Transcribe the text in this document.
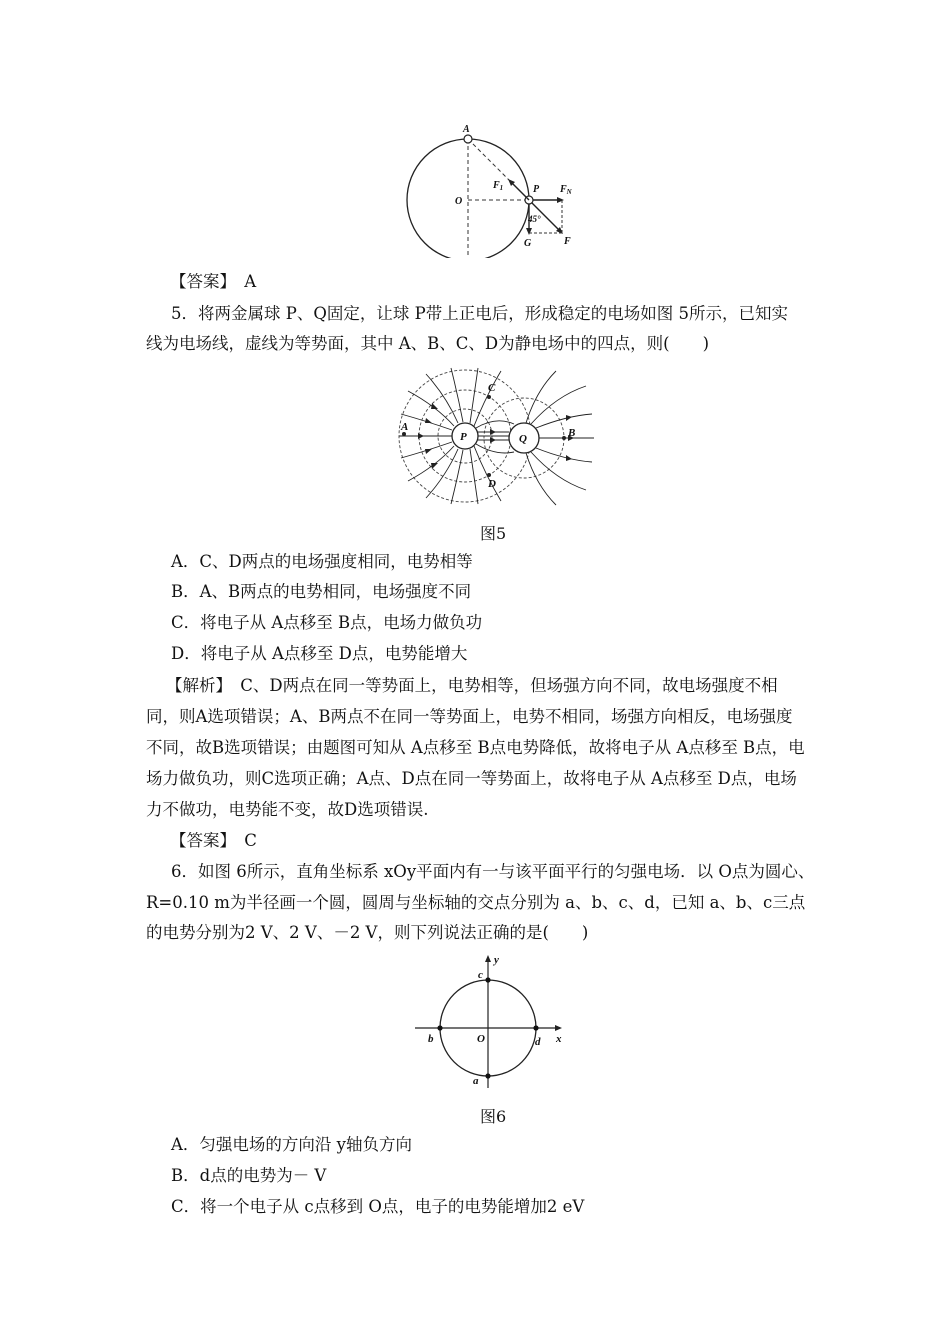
A
O
P
$F_1$	$F_N$
45°
G	F
【答案】　 A
5．将两金属球 P、Q固定，让球 P带上正电后，形成稳定的电场如图 5所示，已知实
线为电场线，虚线为等势面，其中 A、B、C、D为静电场中的四点，则(　　)
P	Q
A	B
C
D
图5
A．C、D两点的电场强度相同，电势相等
B．A、B两点的电势相同，电场强度不同
C．将电子从 A点移至 B点，电场力做负功
D．将电子从 A点移至 D点，电势能增大
【解析】　 C、D两点在同一等势面上，电势相等，但场强方向不同，故电场强度不相
同，则A选项错误；A、B两点不在同一等势面上，电势不相同，场强方向相反，电场强度
不同，故B选项错误；由题图可知从 A点移至 B点电势降低，故将电子从 A点移至 B点，电
场力做负功，则C选项正确；A点、D点在同一等势面上，故将电子从 A点移至 D点，电场
力不做功，电势能不变，故D选项错误.
【答案】　 C
6．如图 6所示，直角坐标系 xOy平面内有一与该平面平行的匀强电场．以 O点为圆心、
R=0.10 m为半径画一个圆，圆周与坐标轴的交点分别为 a、b、c、d，已知 a、b、c三点
的电势分别为2 V、2 V、－2 V，则下列说法正确的是(　　)
y
x
c
b	O	d
a
图6
A．匀强电场的方向沿 y轴负方向
B．d点的电势为－ V
C．将一个电子从 c点移到 O点，电子的电势能增加2 eV
